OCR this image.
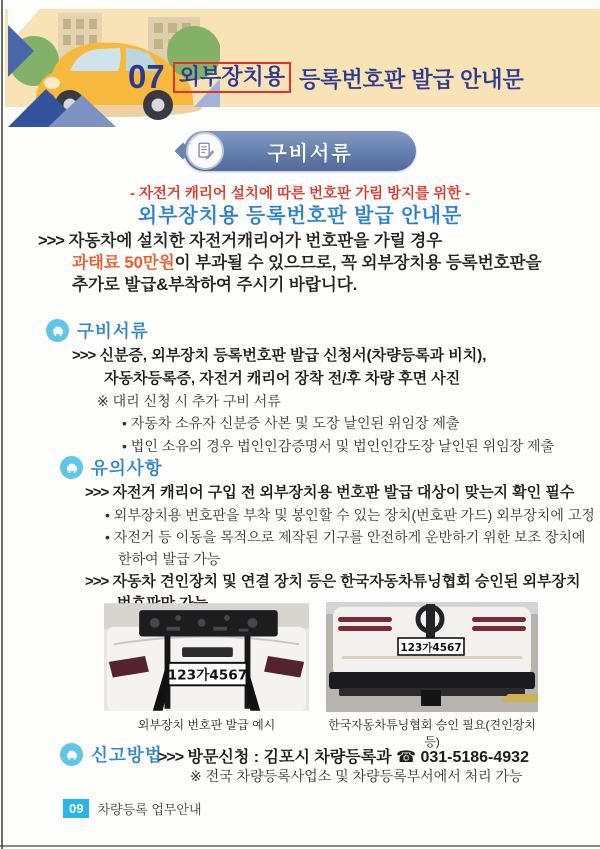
07 외부장치용 등록번호판 발급 안내문
구비서류
- 자전거 캐리어 설치에 따른 번호판 가림 방지를 위한 -
외부장치용 등록번호판 발급 안내문
>>> 자동차에 설치한 자전거캐리어가 번호판을 가릴 경우
과태료 50만원이 부과될 수 있으므로, 꼭 외부장치용 등록번호판을
추가로 발급&부착하여 주시기 바랍니다.
구비서류
>>> 신분증, 외부장치 등록번호판 발급 신청서(차량등록과 비치),
자동차등록증, 자전거 캐리어 장착 전/후 차량 후면 사진
※ 대리 신청 시 추가 구비 서류
• 자동차 소유자 신분증 사본 및 도장 날인된 위임장 제출
• 법인 소유의 경우 법인인감증명서 및 법인인감도장 날인된 위임장 제출
유의사항
>>> 자전거 캐리어 구입 전 외부장치용 번호판 발급 대상이 맞는지 확인 필수
• 외부장치용 번호판을 부착 및 봉인할 수 있는 장치(번호판 가드) 외부장치에 고정
• 자전거 등 이동을 목적으로 제작된 기구를 안전하게 운반하기 위한 보조 장치에
한하여 발급 가능
>>> 자동차 견인장치 및 연결 장치 등은 한국자동차튜닝협회 승인된 외부장치
123가4567
123가4567
외부장치 번호판 발급 예시	한국자동차튜닝협회 승인 필요(견인장치 등)
신고방법
>>> 방문신청 : 김포시 차량등록과 ☎ 031-5186-4932
※ 전국 차량등록사업소 및 차량등록부서에서 처리 가능
09	차량등록 업무안내
